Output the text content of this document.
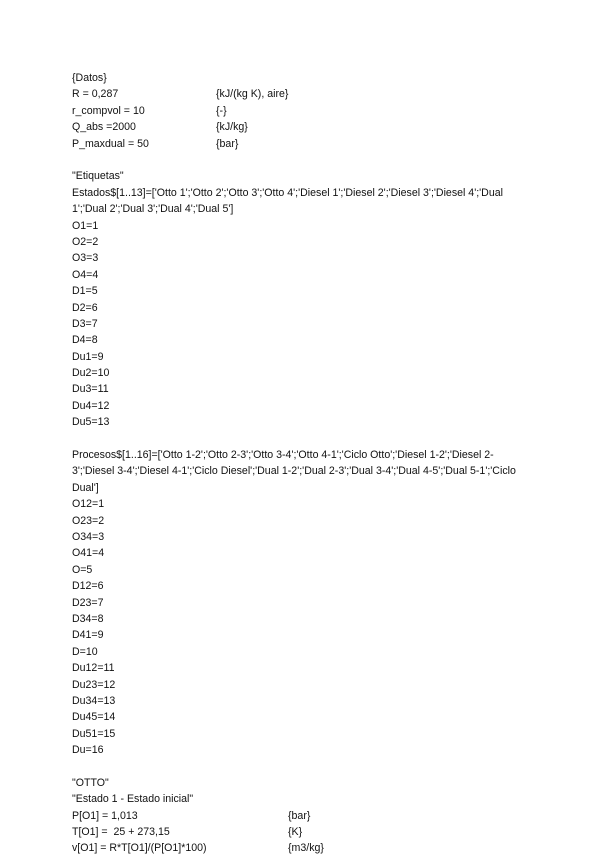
{Datos}
R = 0,287	{kJ/(kg K), aire}
r_compvol = 10	{-}
Q_abs =2000	{kJ/kg}
P_maxdual = 50	{bar}
"Etiquetas"
Estados$[1..13]=['Otto 1';'Otto 2';'Otto 3';'Otto 4';'Diesel 1';'Diesel 2';'Diesel 3';'Diesel 4';'Dual 1';'Dual 2';'Dual 3';'Dual 4';'Dual 5']
O1=1
O2=2
O3=3
O4=4
D1=5
D2=6
D3=7
D4=8
Du1=9
Du2=10
Du3=11
Du4=12
Du5=13
Procesos$[1..16]=['Otto 1-2';'Otto 2-3';'Otto 3-4';'Otto 4-1';'Ciclo Otto';'Diesel 1-2';'Diesel 2-3';'Diesel 3-4';'Diesel 4-1';'Ciclo Diesel';'Dual 1-2';'Dual 2-3';'Dual 3-4';'Dual 4-5';'Dual 5-1';'Ciclo Dual']
O12=1
O23=2
O34=3
O41=4
O=5
D12=6
D23=7
D34=8
D41=9
D=10
Du12=11
Du23=12
Du34=13
Du45=14
Du51=15
Du=16
"OTTO"
"Estado 1 - Estado inicial"
P[O1] = 1,013	{bar}
T[O1] =  25 + 273,15	{K}
v[O1] = R*T[O1]/(P[O1]*100)	{m3/kg}
